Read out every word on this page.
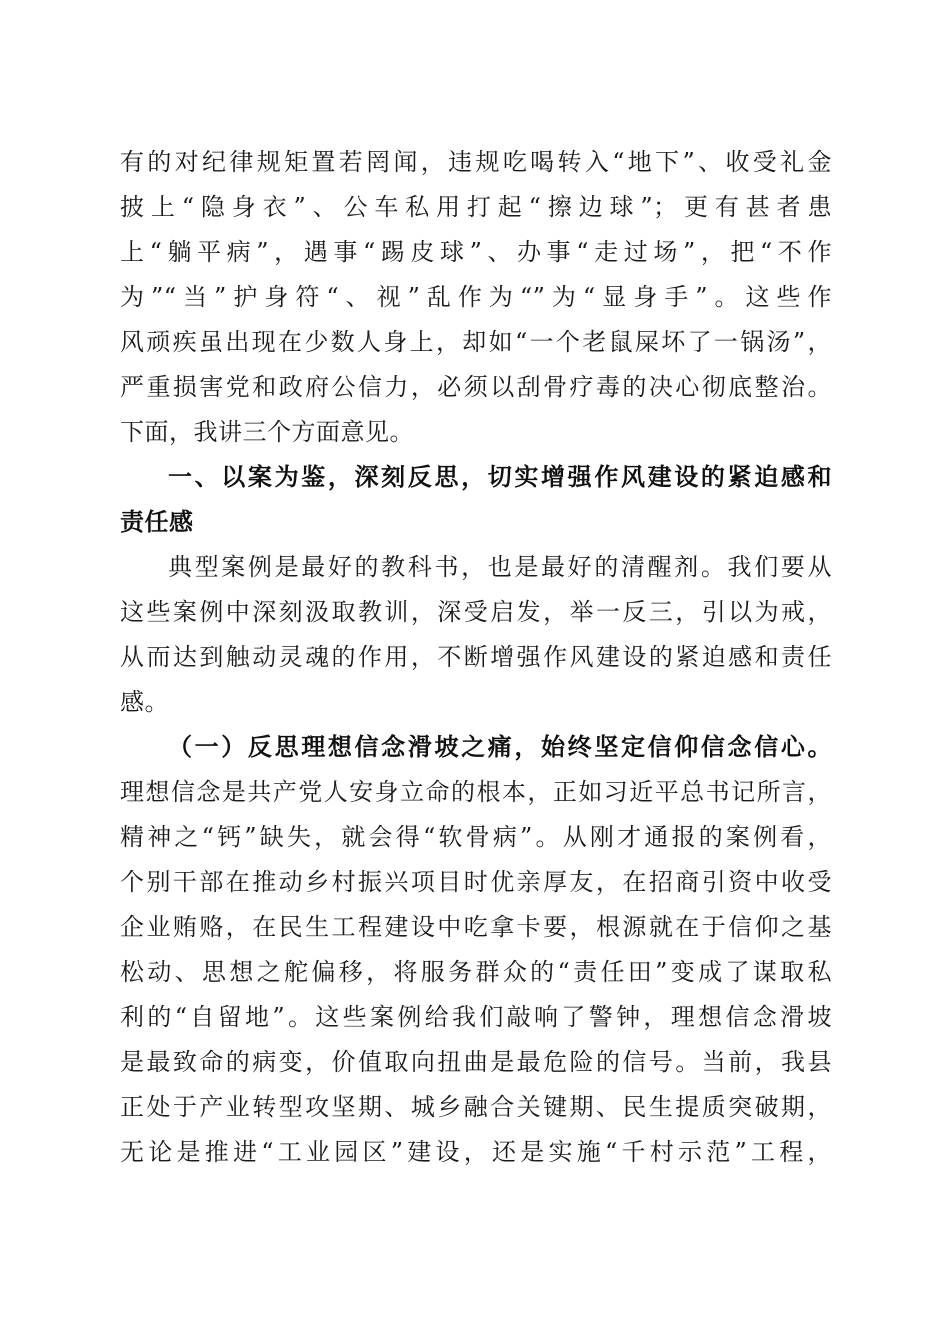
有的对纪律规矩置若罔闻，违规吃喝转入“地下”、收受礼金
披上“隐身衣”、公车私用打起“擦边球”；更有甚者患
上“躺平病”，遇事“踢皮球”、办事“走过场”，把“不作
为”“当”护身符“、视”乱作为“”为“显身手”。这些作
风顽疾虽出现在少数人身上，却如“一个老鼠屎坏了一锅汤”，
严重损害党和政府公信力，必须以刮骨疗毒的决心彻底整治。
下面，我讲三个方面意见。
一、以案为鉴，深刻反思，切实增强作风建设的紧迫感和
责任感
典型案例是最好的教科书，也是最好的清醒剂。我们要从
这些案例中深刻汲取教训，深受启发，举一反三，引以为戒，
从而达到触动灵魂的作用，不断增强作风建设的紧迫感和责任
感。
（一）反思理想信念滑坡之痛，始终坚定信仰信念信心。
理想信念是共产党人安身立命的根本，正如习近平总书记所言，
精神之“钙”缺失，就会得“软骨病”。从刚才通报的案例看，
个别干部在推动乡村振兴项目时优亲厚友，在招商引资中收受
企业贿赂，在民生工程建设中吃拿卡要，根源就在于信仰之基
松动、思想之舵偏移，将服务群众的“责任田”变成了谋取私
利的“自留地”。这些案例给我们敲响了警钟，理想信念滑坡
是最致命的病变，价值取向扭曲是最危险的信号。当前，我县
正处于产业转型攻坚期、城乡融合关键期、民生提质突破期，
无论是推进“工业园区”建设，还是实施“千村示范”工程，
